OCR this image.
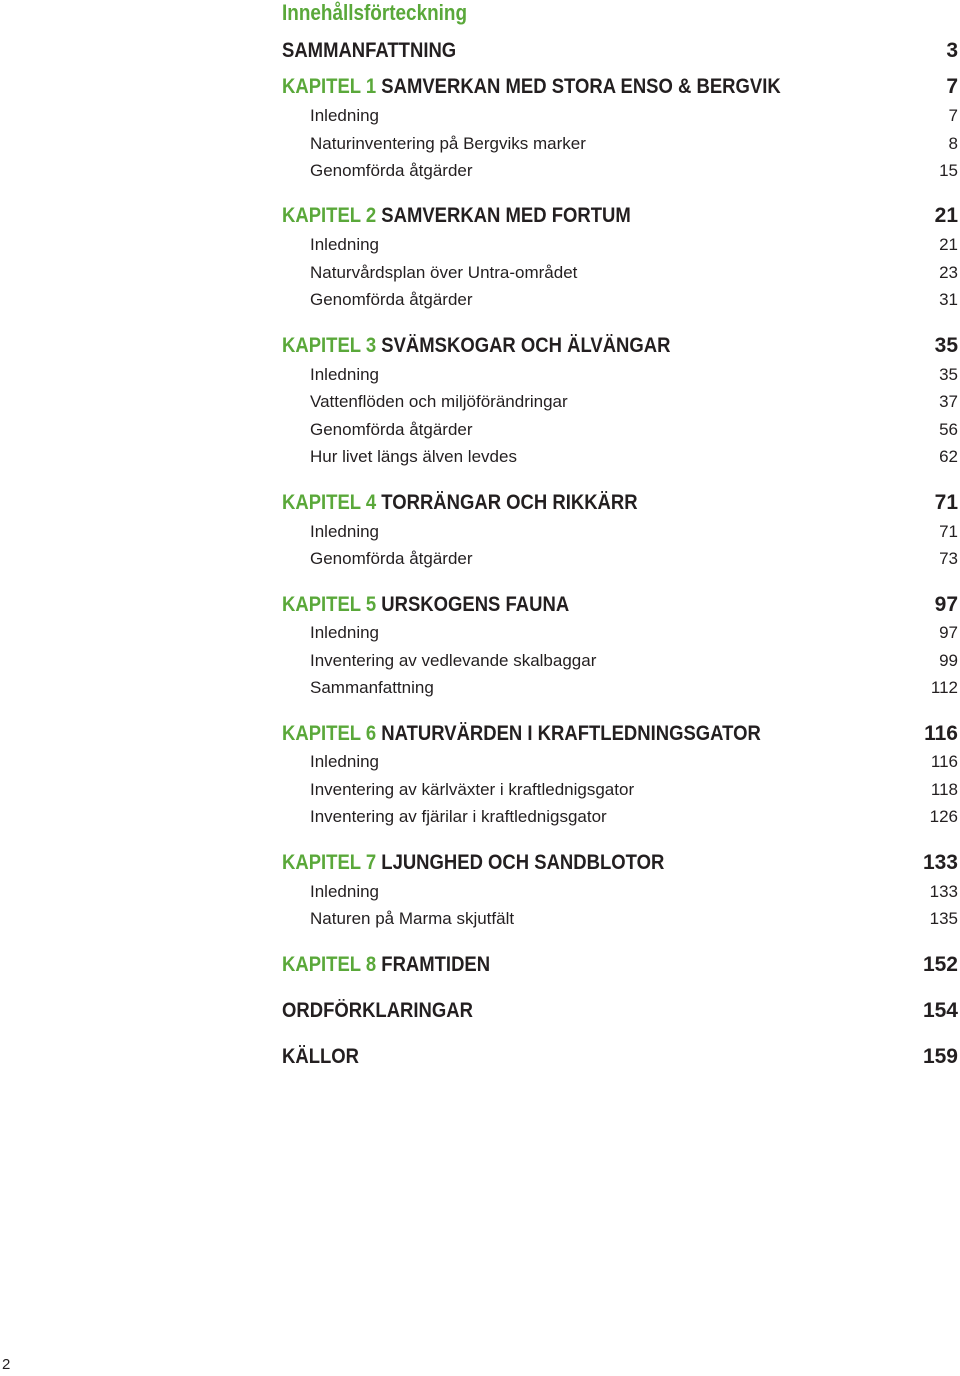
Innehållsförteckning
SAMMANFATTNING	3
KAPITEL 1 SAMVERKAN MED STORA ENSO & BERGVIK	7
Inledning	7
Naturinventering på Bergviks marker	8
Genomförda åtgärder	15
KAPITEL 2 SAMVERKAN MED FORTUM	21
Inledning	21
Naturvårdsplan över Untra-området	23
Genomförda åtgärder	31
KAPITEL 3 SVÄMSKOGAR OCH ÄLVÄNGAR	35
Inledning	35
Vattenflöden och miljöförändringar	37
Genomförda åtgärder	56
Hur livet längs älven levdes	62
KAPITEL 4 TORRÄNGAR OCH RIKKÄRR	71
Inledning	71
Genomförda åtgärder	73
KAPITEL 5 URSKOGENS FAUNA	97
Inledning	97
Inventering av vedlevande skalbaggar	99
Sammanfattning	112
KAPITEL 6 NATURVÄRDEN I KRAFTLEDNINGSGATOR	116
Inledning	116
Inventering av kärlväxter i kraftlednigsgator	118
Inventering av fjärilar i kraftlednigsgator	126
KAPITEL 7 LJUNGHED OCH SANDBLOTOR	133
Inledning	133
Naturen på Marma skjutfält	135
KAPITEL 8 FRAMTIDEN	152
ORDFÖRKLARINGAR	154
KÄLLOR	159
2
